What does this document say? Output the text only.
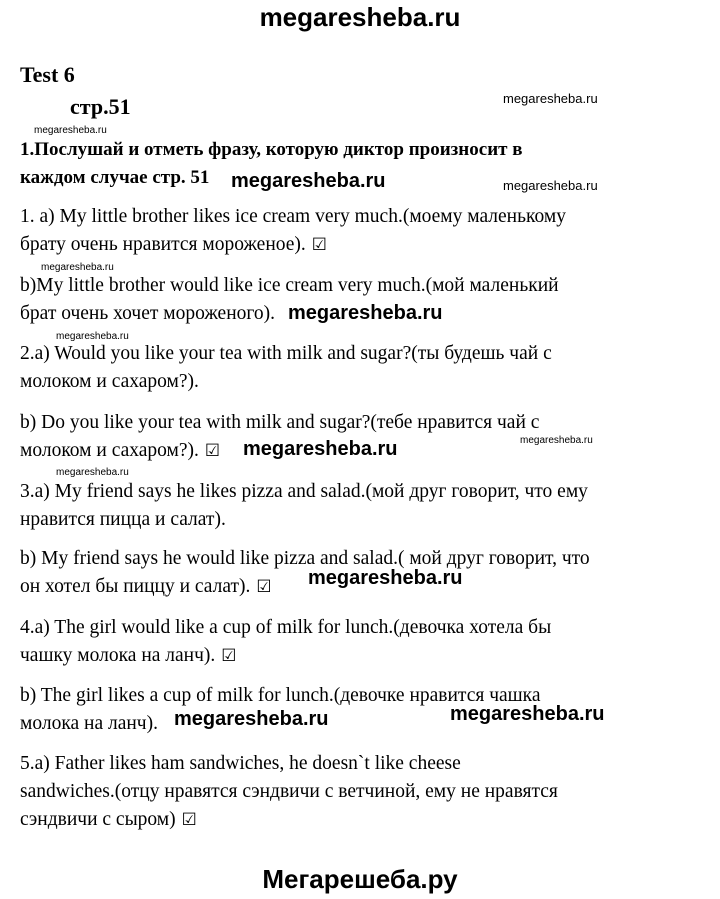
megaresheba.ru
Test 6
стр.51
1.Послушай и отметь фразу, которую диктор произносит в
каждом случае стр. 51
1. a) My little brother likes ice cream very much.(моему маленькому
брату очень нравится мороженое). ☑
b)My little brother would like ice cream very much.(мой маленький
брат очень хочет мороженого).
2.a) Would you like your tea with milk and sugar?(ты будешь чай с
молоком и сахаром?).
b) Do you like your tea with milk and sugar?(тебе нравится чай с
молоком и сахаром?). ☑
3.a) My friend says he likes pizza and salad.(мой друг говорит, что ему
нравится пицца и салат).
b) My friend says he would like pizza and salad.( мой друг говорит, что
он хотел бы пиццу и салат). ☑
4.a) The girl would like a cup of milk for lunch.(девочка хотела бы
чашку молока на ланч). ☑
b) The girl likes a cup of milk for lunch.(девочке нравится чашка
молока на ланч).
5.a) Father likes ham sandwiches, he doesn`t like cheese
sandwiches.(отцу нравятся сэндвичи с ветчиной, ему не нравятся
сэндвичи с сыром) ☑
megaresheba.ru
megaresheba.ru
megaresheba.ru	megaresheba.ru
megaresheba.ru
megaresheba.ru
megaresheba.ru
megaresheba.ru
megaresheba.ru
megaresheba.ru
megaresheba.ru
megaresheba.ru	megaresheba.ru
Мегарешеба.ру
